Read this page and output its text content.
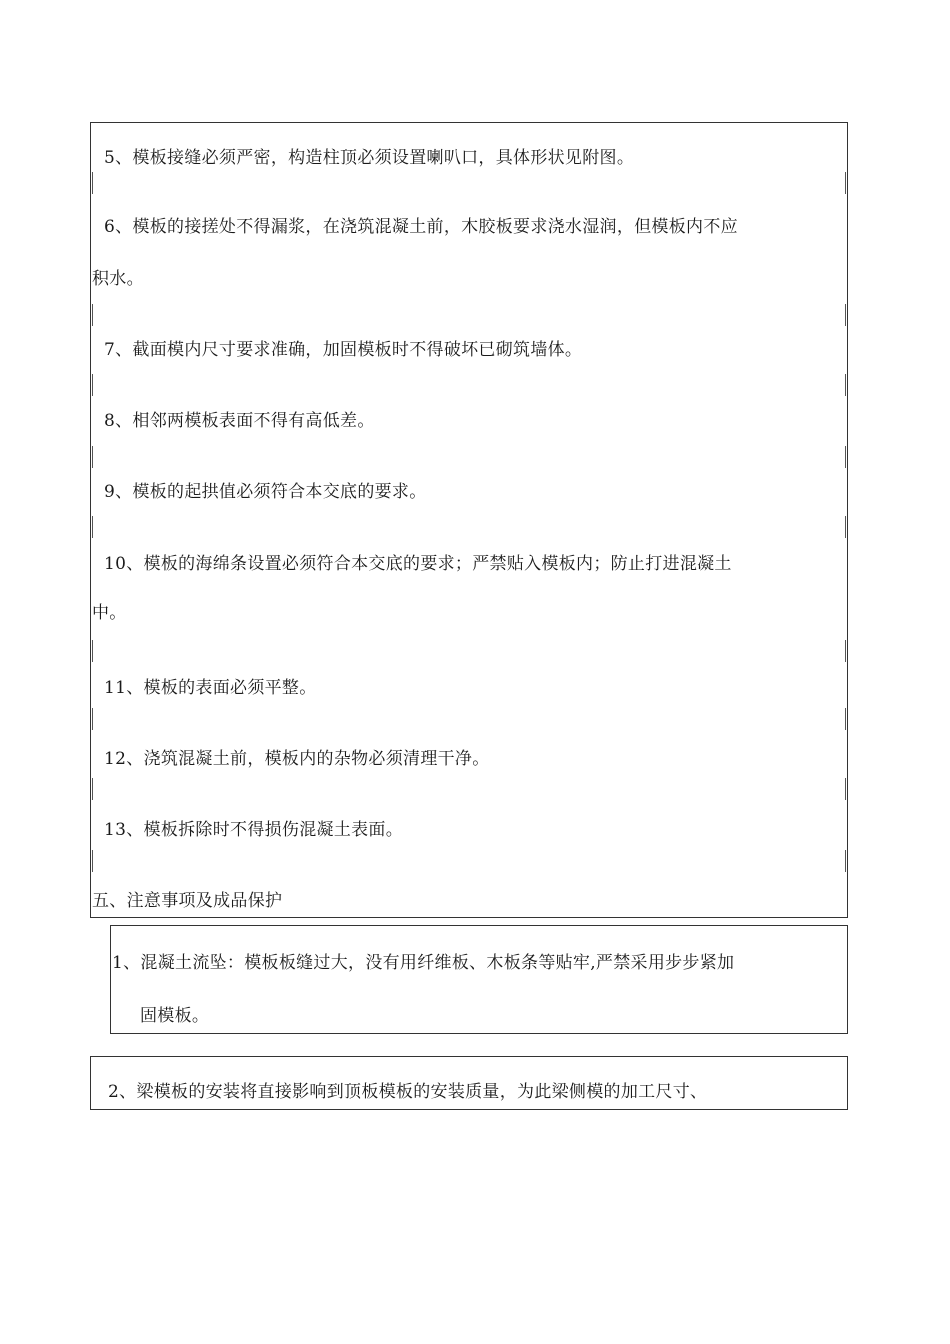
5、模板接缝必须严密，构造柱顶必须设置喇叭口，具体形状见附图。
6、模板的接搓处不得漏浆，在浇筑混凝土前，木胶板要求浇水湿润，但模板内不应
积水。
7、截面模内尺寸要求准确，加固模板时不得破坏已砌筑墙体。
8、相邻两模板表面不得有高低差。
9、模板的起拱值必须符合本交底的要求。
10、模板的海绵条设置必须符合本交底的要求；严禁贴入模板内；防止打进混凝土
中。
11、模板的表面必须平整。
12、浇筑混凝土前，模板内的杂物必须清理干净。
13、模板拆除时不得损伤混凝土表面。
五、注意事项及成品保护
1、混凝土流坠：模板板缝过大，没有用纤维板、木板条等贴牢,严禁采用步步紧加
固模板。
2、梁模板的安装将直接影响到顶板模板的安装质量，为此梁侧模的加工尺寸、
